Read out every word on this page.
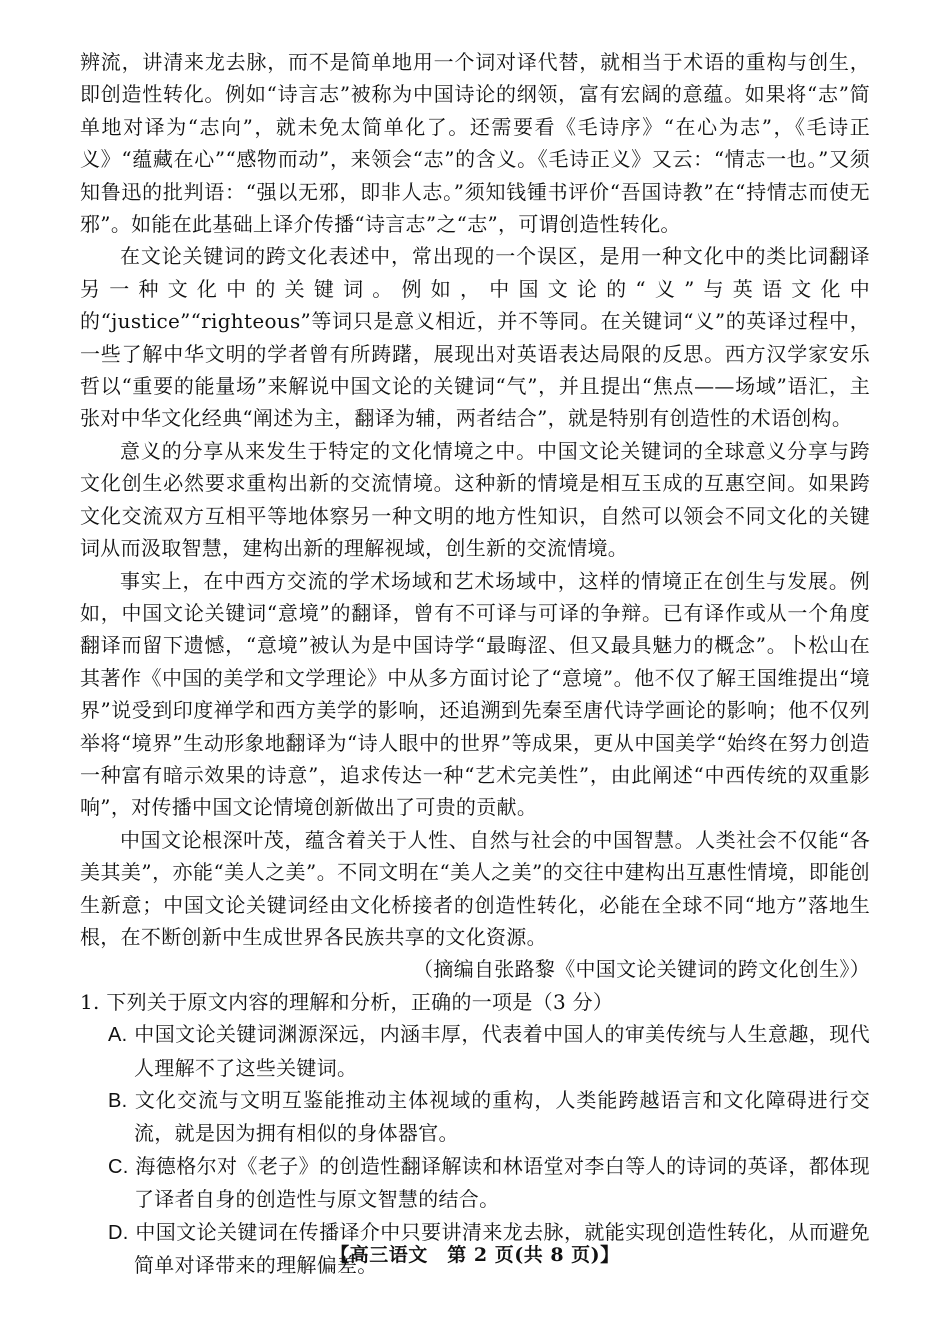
辨流，讲清来龙去脉，而不是简单地用一个词对译代替，就相当于术语的重构与创生，即创造性转化。例如“诗言志”被称为中国诗论的纲领，富有宏阔的意蕴。如果将“志”简单地对译为“志向”，就未免太简单化了。还需要看《毛诗序》“在心为志”，《毛诗正义》“蕴藏在心”“感物而动”，来领会“志”的含义。《毛诗正义》又云：“情志一也。”又须知鲁迅的批判语：“强以无邪，即非人志。”须知钱锺书评价“吾国诗教”在“持情志而使无邪”。如能在此基础上译介传播“诗言志”之“志”，可谓创造性转化。

在文论关键词的跨文化表述中，常出现的一个误区，是用一种文化中的类比词翻译另一种文化中的关键词。例如，中国文论的“义”与英语文化中的“justice”“righteous”等词只是意义相近，并不等同。在关键词“义”的英译过程中，一些了解中华文明的学者曾有所踌躇，展现出对英语表达局限的反思。西方汉学家安乐哲以“重要的能量场”来解说中国文论的关键词“气”，并且提出“焦点——场域”语汇，主张对中华文化经典“阐述为主，翻译为辅，两者结合”，就是特别有创造性的术语创构。

意义的分享从来发生于特定的文化情境之中。中国文论关键词的全球意义分享与跨文化创生必然要求重构出新的交流情境。这种新的情境是相互玉成的互惠空间。如果跨文化交流双方互相平等地体察另一种文明的地方性知识，自然可以领会不同文化的关键词从而汲取智慧，建构出新的理解视域，创生新的交流情境。

事实上，在中西方交流的学术场域和艺术场域中，这样的情境正在创生与发展。例如，中国文论关键词“意境”的翻译，曾有不可译与可译的争辩。已有译作或从一个角度翻译而留下遗憾，“意境”被认为是中国诗学“最晦涩、但又最具魅力的概念”。卜松山在其著作《中国的美学和文学理论》中从多方面讨论了“意境”。他不仅了解王国维提出“境界”说受到印度禅学和西方美学的影响，还追溯到先秦至唐代诗学画论的影响；他不仅列举将“境界”生动形象地翻译为“诗人眼中的世界”等成果，更从中国美学“始终在努力创造一种富有暗示效果的诗意”，追求传达一种“艺术完美性”，由此阐述“中西传统的双重影响”，对传播中国文论情境创新做出了可贵的贡献。

中国文论根深叶茂，蕴含着关于人性、自然与社会的中国智慧。人类社会不仅能“各美其美”，亦能“美人之美”。不同文明在“美人之美”的交往中建构出互惠性情境，即能创生新意；中国文论关键词经由文化桥接者的创造性转化，必能在全球不同“地方”落地生根，在不断创新中生成世界各民族共享的文化资源。

（摘编自张路黎《中国文论关键词的跨文化创生》）

1. 下列关于原文内容的理解和分析，正确的一项是（3 分）

A. 中国文论关键词渊源深远，内涵丰厚，代表着中国人的审美传统与人生意趣，现代人理解不了这些关键词。

B. 文化交流与文明互鉴能推动主体视域的重构，人类能跨越语言和文化障碍进行交流，就是因为拥有相似的身体器官。

C. 海德格尔对《老子》的创造性翻译解读和林语堂对李白等人的诗词的英译，都体现了译者自身的创造性与原文智慧的结合。

D. 中国文论关键词在传播译介中只要讲清来龙去脉，就能实现创造性转化，从而避免简单对译带来的理解偏差。

【高三语文　第 2 页(共 8 页)】
